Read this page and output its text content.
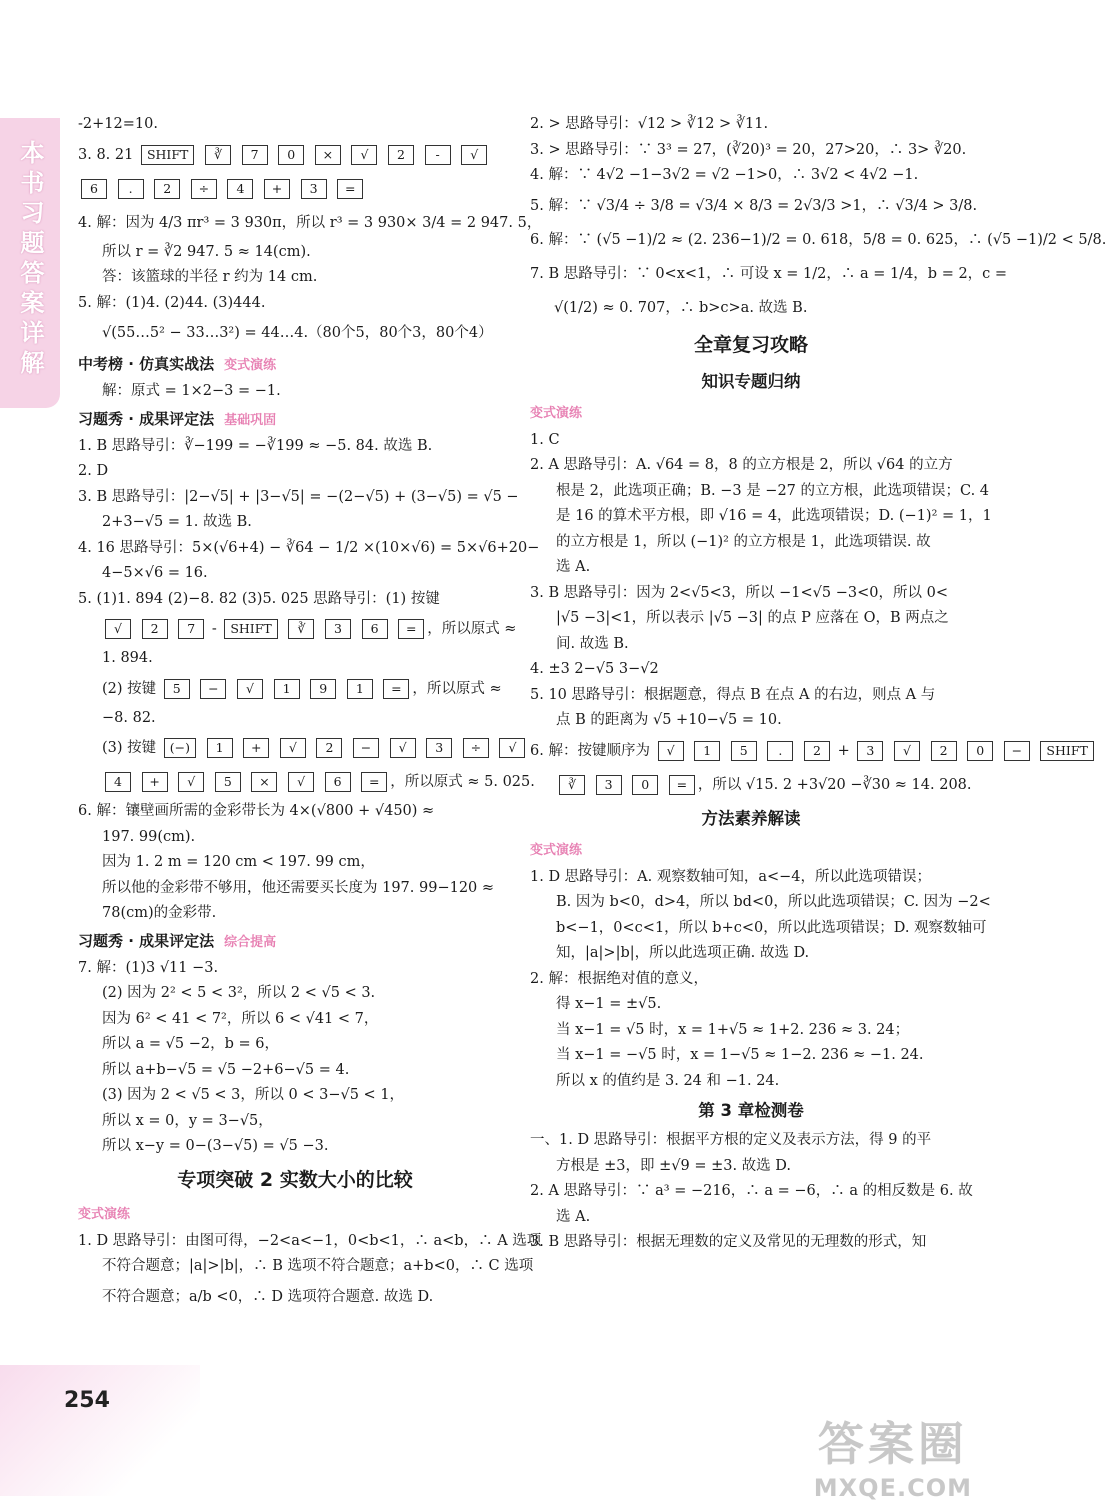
本书习题答案详解
254
答案圈
MXQE.COM
-2+12=10.
3. 8. 21 SHIFT ∛ 7 0 × √ 2 - √
6 . 2 ÷ 4 + 3 =
4. 解：因为 4/3 πr³ = 3 930π，所以 r³ = 3 930× 3/4 = 2 947. 5，
所以 r = ∛2 947. 5 ≈ 14(cm).
答：该篮球的半径 r 约为 14 cm.
5. 解：(1)4. (2)44. (3)444.
√(55…5² − 33…3²) = 44…4.（80个5，80个3，80个4）
中考榜 · 仿真实战法 变式演练
解：原式 = 1×2−3 = −1.
习题秀 · 成果评定法 基础巩固
1. B 思路导引：∛−199 = −∛199 ≈ −5. 84. 故选 B.
2. D
3. B 思路导引：|2−√5| + |3−√5| = −(2−√5) + (3−√5) = √5 −
2+3−√5 = 1. 故选 B.
4. 16 思路导引：5×(√6+4) − ∛64 − 1/2 ×(10×√6) = 5×√6+20−
4−5×√6 = 16.
5. (1)1. 894 (2)−8. 82 (3)5. 025 思路导引：(1) 按键
√ 2 7 - SHIFT ∛ 3 6 = ，所以原式 ≈
1. 894.
(2) 按键 5 − √ 1 9 1 = ，所以原式 ≈
−8. 82.
(3) 按键 (−) 1 + √ 2 − √ 3 ÷ √
4 + √ 5 × √ 6 = ，所以原式 ≈ 5. 025.
6. 解：镶壁画所需的金彩带长为 4×(√800 + √450) ≈
197. 99(cm).
因为 1. 2 m = 120 cm < 197. 99 cm，
所以他的金彩带不够用，他还需要买长度为 197. 99−120 ≈
78(cm)的金彩带.
习题秀 · 成果评定法 综合提高
7. 解：(1)3 √11 −3.
(2) 因为 2² < 5 < 3²，所以 2 < √5 < 3.
因为 6² < 41 < 7²，所以 6 < √41 < 7，
所以 a = √5 −2，b = 6，
所以 a+b−√5 = √5 −2+6−√5 = 4.
(3) 因为 2 < √5 < 3，所以 0 < 3−√5 < 1，
所以 x = 0，y = 3−√5，
所以 x−y = 0−(3−√5) = √5 −3.
专项突破 2 实数大小的比较
变式演练
1. D 思路导引：由图可得，−2<a<−1，0<b<1，∴ a<b，∴ A 选项
不符合题意；|a|>|b|，∴ B 选项不符合题意；a+b<0，∴ C 选项
不符合题意；a/b <0，∴ D 选项符合题意. 故选 D.
2. > 思路导引：√12 > ∛12 > ∛11.
3. > 思路导引：∵ 3³ = 27，(∛20)³ = 20，27>20，∴ 3> ∛20.
4. 解：∵ 4√2 −1−3√2 = √2 −1>0，∴ 3√2 < 4√2 −1.
5. 解：∵ √3/4 ÷ 3/8 = √3/4 × 8/3 = 2√3/3 >1，∴ √3/4 > 3/8.
6. 解：∵ (√5 −1)/2 ≈ (2. 236−1)/2 = 0. 618，5/8 = 0. 625，∴ (√5 −1)/2 < 5/8.
7. B 思路导引：∵ 0<x<1，∴ 可设 x = 1/2，∴ a = 1/4，b = 2，c =
√(1/2) ≈ 0. 707，∴ b>c>a. 故选 B.
全章复习攻略
知识专题归纳
变式演练
1. C
2. A 思路导引：A. √64 = 8，8 的立方根是 2，所以 √64 的立方
根是 2，此选项正确；B. −3 是 −27 的立方根，此选项错误；C. 4
是 16 的算术平方根，即 √16 = 4，此选项错误；D. (−1)² = 1，1
的立方根是 1，所以 (−1)² 的立方根是 1，此选项错误. 故
选 A.
3. B 思路导引：因为 2<√5<3，所以 −1<√5 −3<0，所以 0<
|√5 −3|<1，所以表示 |√5 −3| 的点 P 应落在 O，B 两点之
间. 故选 B.
4. ±3 2−√5 3−√2
5. 10 思路导引：根据题意，得点 B 在点 A 的右边，则点 A 与
点 B 的距离为 √5 +10−√5 = 10.
6. 解：按键顺序为 √ 1 5 . 2 + 3 √ 2 0 − SHIFT
∛ 3 0 = ，所以 √15. 2 +3√20 −∛30 ≈ 14. 208.
方法素养解读
变式演练
1. D 思路导引：A. 观察数轴可知，a<−4，所以此选项错误；
B. 因为 b<0，d>4，所以 bd<0，所以此选项错误；C. 因为 −2<
b<−1，0<c<1，所以 b+c<0，所以此选项错误；D. 观察数轴可
知，|a|>|b|，所以此选项正确. 故选 D.
2. 解：根据绝对值的意义，
得 x−1 = ±√5.
当 x−1 = √5 时，x = 1+√5 ≈ 1+2. 236 ≈ 3. 24；
当 x−1 = −√5 时，x = 1−√5 ≈ 1−2. 236 ≈ −1. 24.
所以 x 的值约是 3. 24 和 −1. 24.
第 3 章检测卷
一、1. D 思路导引：根据平方根的定义及表示方法，得 9 的平
方根是 ±3，即 ±√9 = ±3. 故选 D.
2. A 思路导引：∵ a³ = −216，∴ a = −6，∴ a 的相反数是 6. 故
选 A.
3. B 思路导引：根据无理数的定义及常见的无理数的形式，知
